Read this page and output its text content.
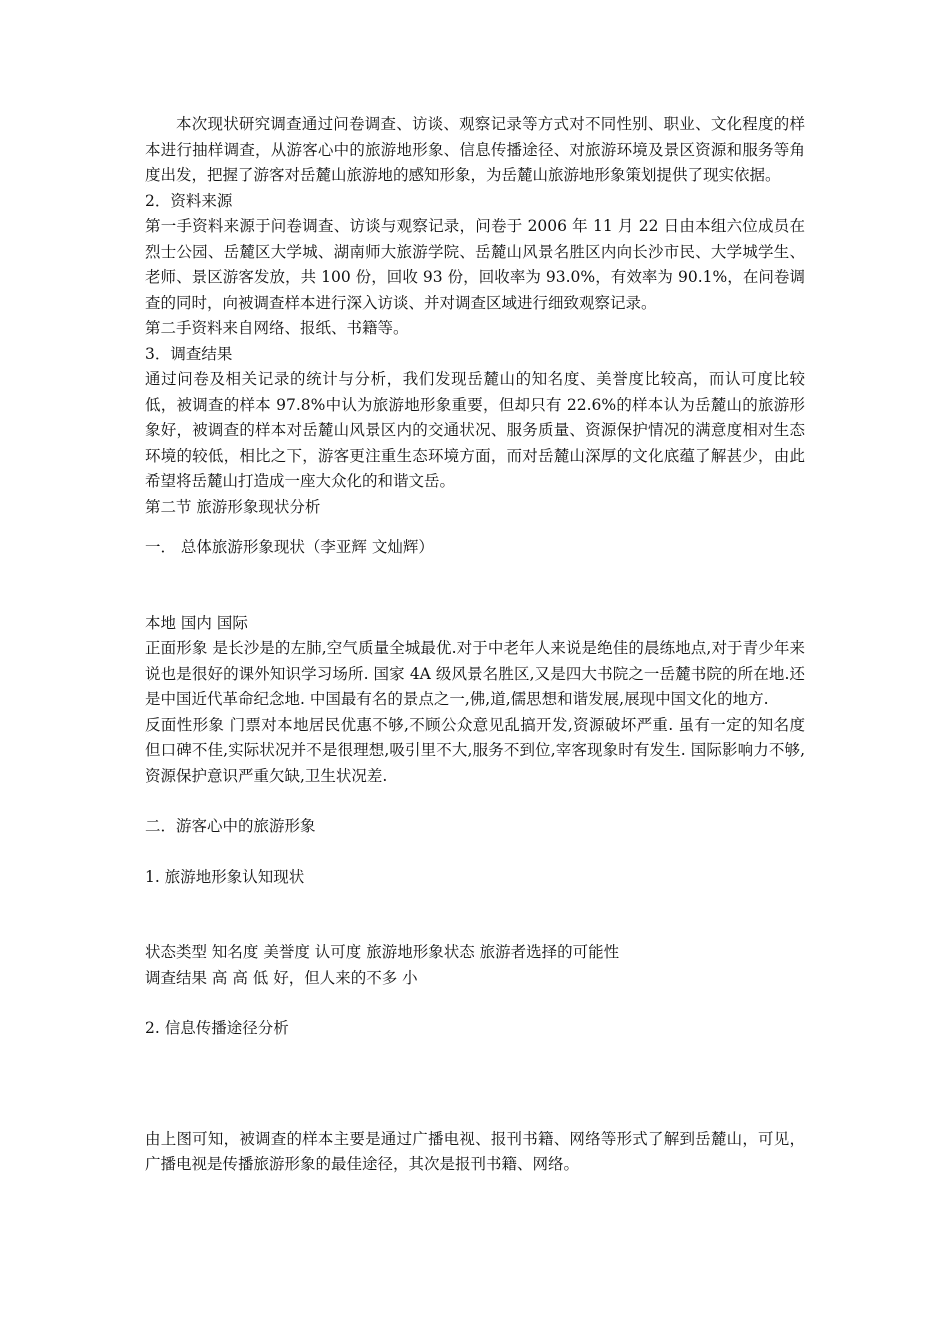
本次现状研究调查通过问卷调查、访谈、观察记录等方式对不同性别、职业、文化程度的样本进行抽样调查，从游客心中的旅游地形象、信息传播途径、对旅游环境及景区资源和服务等角度出发，把握了游客对岳麓山旅游地的感知形象，为岳麓山旅游地形象策划提供了现实依据。

2．资料来源

第一手资料来源于问卷调查、访谈与观察记录，问卷于 2006 年 11 月 22 日由本组六位成员在烈士公园、岳麓区大学城、湖南师大旅游学院、岳麓山风景名胜区内向长沙市民、大学城学生、老师、景区游客发放，共 100 份，回收 93 份，回收率为 93.0%，有效率为 90.1%，在问卷调查的同时，向被调查样本进行深入访谈、并对调查区域进行细致观察记录。

第二手资料来自网络、报纸、书籍等。

3．调查结果

通过问卷及相关记录的统计与分析，我们发现岳麓山的知名度、美誉度比较高，而认可度比较低，被调查的样本 97.8%中认为旅游地形象重要，但却只有 22.6%的样本认为岳麓山的旅游形象好，被调查的样本对岳麓山风景区内的交通状况、服务质量、资源保护情况的满意度相对生态环境的较低，相比之下，游客更注重生态环境方面，而对岳麓山深厚的文化底蕴了解甚少，由此希望将岳麓山打造成一座大众化的和谐文岳。

第二节 旅游形象现状分析

一． 总体旅游形象现状（李亚辉 文灿辉）

本地 国内 国际

正面形象 是长沙是的左肺,空气质量全城最优.对于中老年人来说是绝佳的晨练地点,对于青少年来说也是很好的课外知识学习场所. 国家 4A 级风景名胜区,又是四大书院之一岳麓书院的所在地.还是中国近代革命纪念地. 中国最有名的景点之一,佛,道,儒思想和谐发展,展现中国文化的地方.

反面性形象 门票对本地居民优惠不够,不顾公众意见乱搞开发,资源破坏严重. 虽有一定的知名度但口碑不佳,实际状况并不是很理想,吸引里不大,服务不到位,宰客现象时有发生. 国际影响力不够,资源保护意识严重欠缺,卫生状况差.

二．游客心中的旅游形象

1. 旅游地形象认知现状

状态类型 知名度 美誉度 认可度 旅游地形象状态 旅游者选择的可能性

调查结果 高 高 低 好，但人来的不多 小

2. 信息传播途径分析

由上图可知，被调查的样本主要是通过广播电视、报刊书籍、网络等形式了解到岳麓山，可见，广播电视是传播旅游形象的最佳途径，其次是报刊书籍、网络。
